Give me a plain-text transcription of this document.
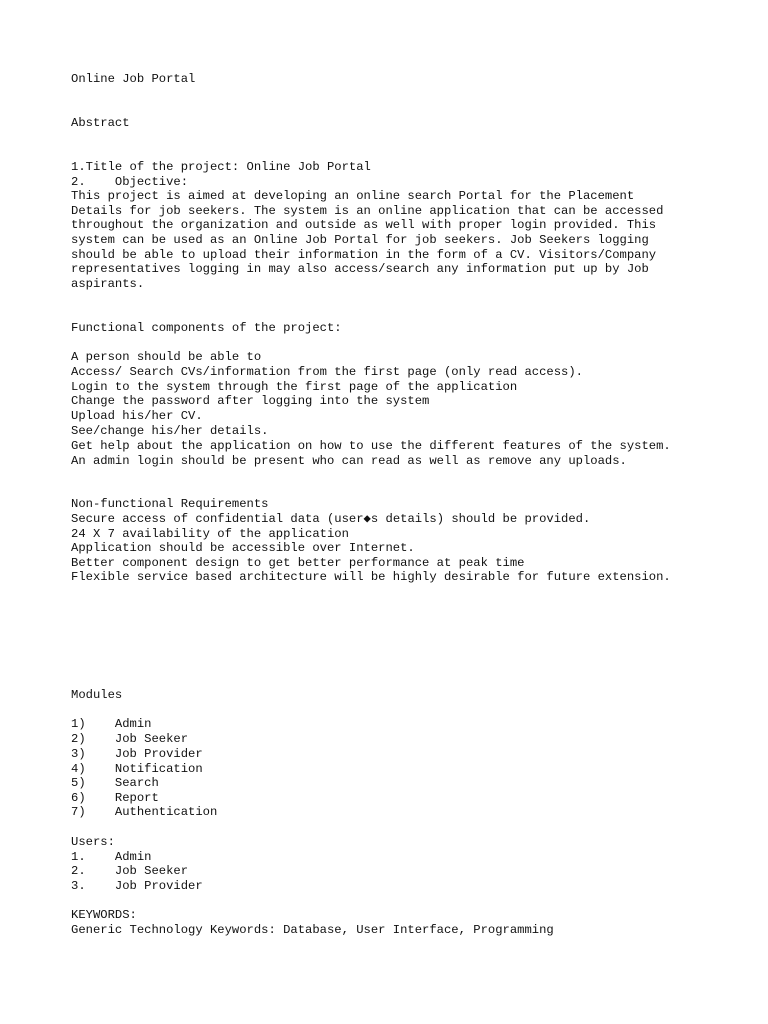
Online Job Portal

Abstract

1.Title of the project: Online Job Portal

2.    Objective:

This project is aimed at developing an online search Portal for the Placement

Details for job seekers. The system is an online application that can be accessed

throughout the organization and outside as well with proper login provided. This

system can be used as an Online Job Portal for job seekers. Job Seekers logging

should be able to upload their information in the form of a CV. Visitors/Company

representatives logging in may also access/search any information put up by Job

aspirants.

Functional components of the project:

A person should be able to

Access/ Search CVs/information from the first page (only read access).

Login to the system through the first page of the application

Change the password after logging into the system

Upload his/her CV.

See/change his/her details.

Get help about the application on how to use the different features of the system.

An admin login should be present who can read as well as remove any uploads.

Non-functional Requirements

Secure access of confidential data (user◆s details) should be provided.

24 X 7 availability of the application

Application should be accessible over Internet.

Better component design to get better performance at peak time

Flexible service based architecture will be highly desirable for future extension.

Modules

1)    Admin

2)    Job Seeker

3)    Job Provider

4)    Notification

5)    Search

6)    Report

7)    Authentication

Users:

1.    Admin

2.    Job Seeker

3.    Job Provider

KEYWORDS:

Generic Technology Keywords: Database, User Interface, Programming
